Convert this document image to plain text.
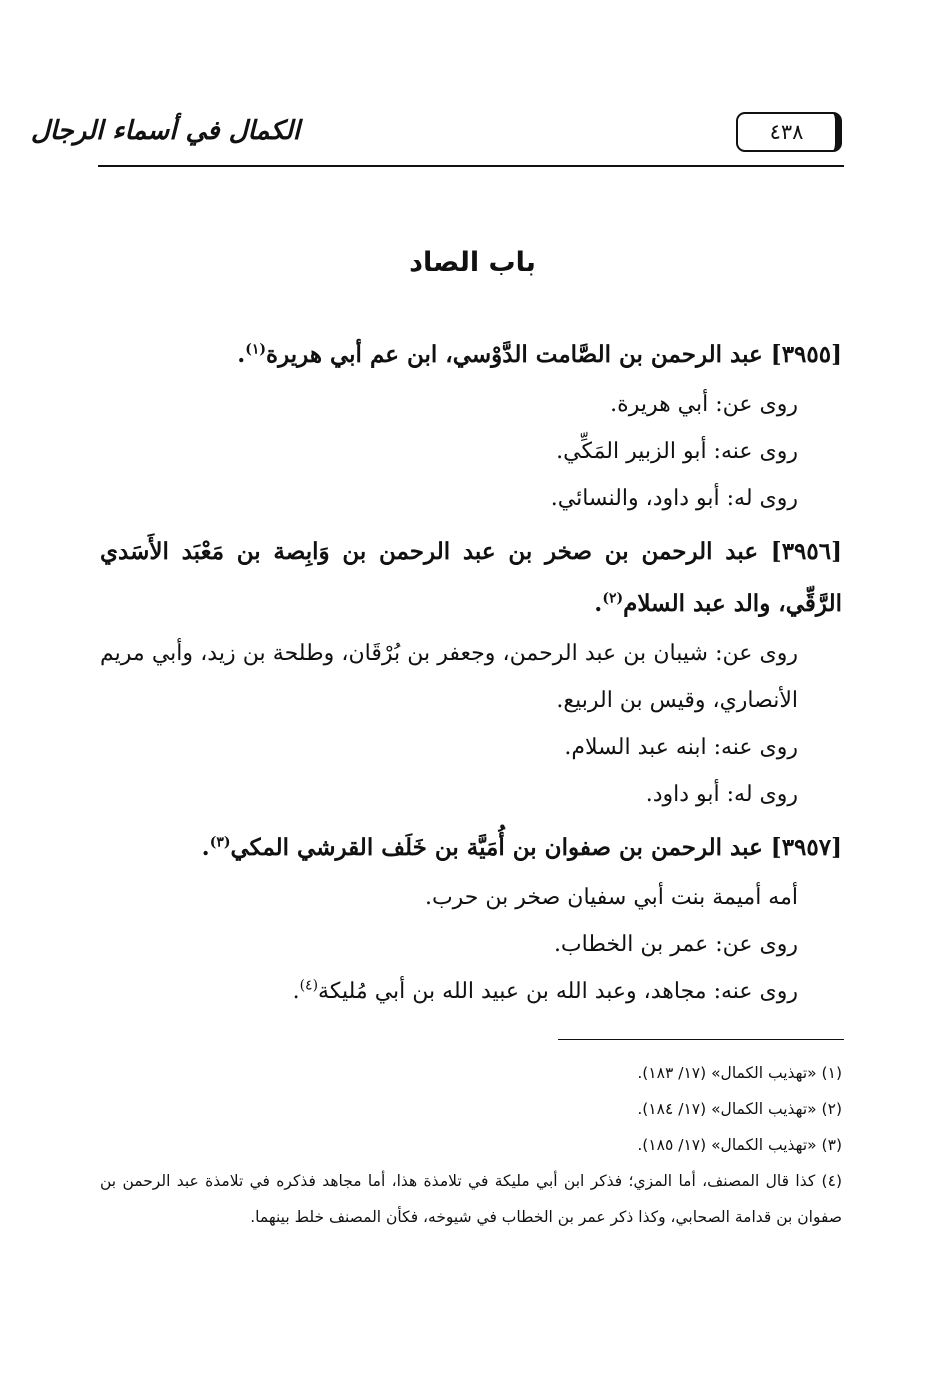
الكمال في أسماء الرجال	٤٣٨
باب الصاد

[٣٩٥٥] عبد الرحمن بن الصَّامت الدَّوْسي، ابن عم أبي هريرة$^{(١)}$.

روى عن: أبي هريرة.

روى عنه: أبو الزبير المَكِّي.

روى له: أبو داود، والنسائي.

[٣٩٥٦] عبد الرحمن بن صخر بن عبد الرحمن بن وَابِصة بن مَعْبَد الأَسَدي الرَّقِّي، والد عبد السلام$^{(٢)}$.

روى عن: شيبان بن عبد الرحمن، وجعفر بن بُرْقَان، وطلحة بن زيد، وأبي مريم الأنصاري، وقيس بن الربيع.

روى عنه: ابنه عبد السلام.

روى له: أبو داود.

[٣٩٥٧] عبد الرحمن بن صفوان بن أُمَيَّة بن خَلَف القرشي المكي$^{(٣)}$.

أمه أميمة بنت أبي سفيان صخر بن حرب.

روى عن: عمر بن الخطاب.

روى عنه: مجاهد، وعبد الله بن عبيد الله بن أبي مُليكة$^{(٤)}$.

(١) «تهذيب الكمال» (١٧/ ١٨٣).

(٢) «تهذيب الكمال» (١٧/ ١٨٤).

(٣) «تهذيب الكمال» (١٧/ ١٨٥).

(٤) كذا قال المصنف، أما المزي؛ فذكر ابن أبي مليكة في تلامذة هذا، أما مجاهد فذكره في تلامذة عبد الرحمن بن صفوان بن قدامة الصحابي، وكذا ذكر عمر بن الخطاب في شيوخه، فكأن المصنف خلط بينهما.
